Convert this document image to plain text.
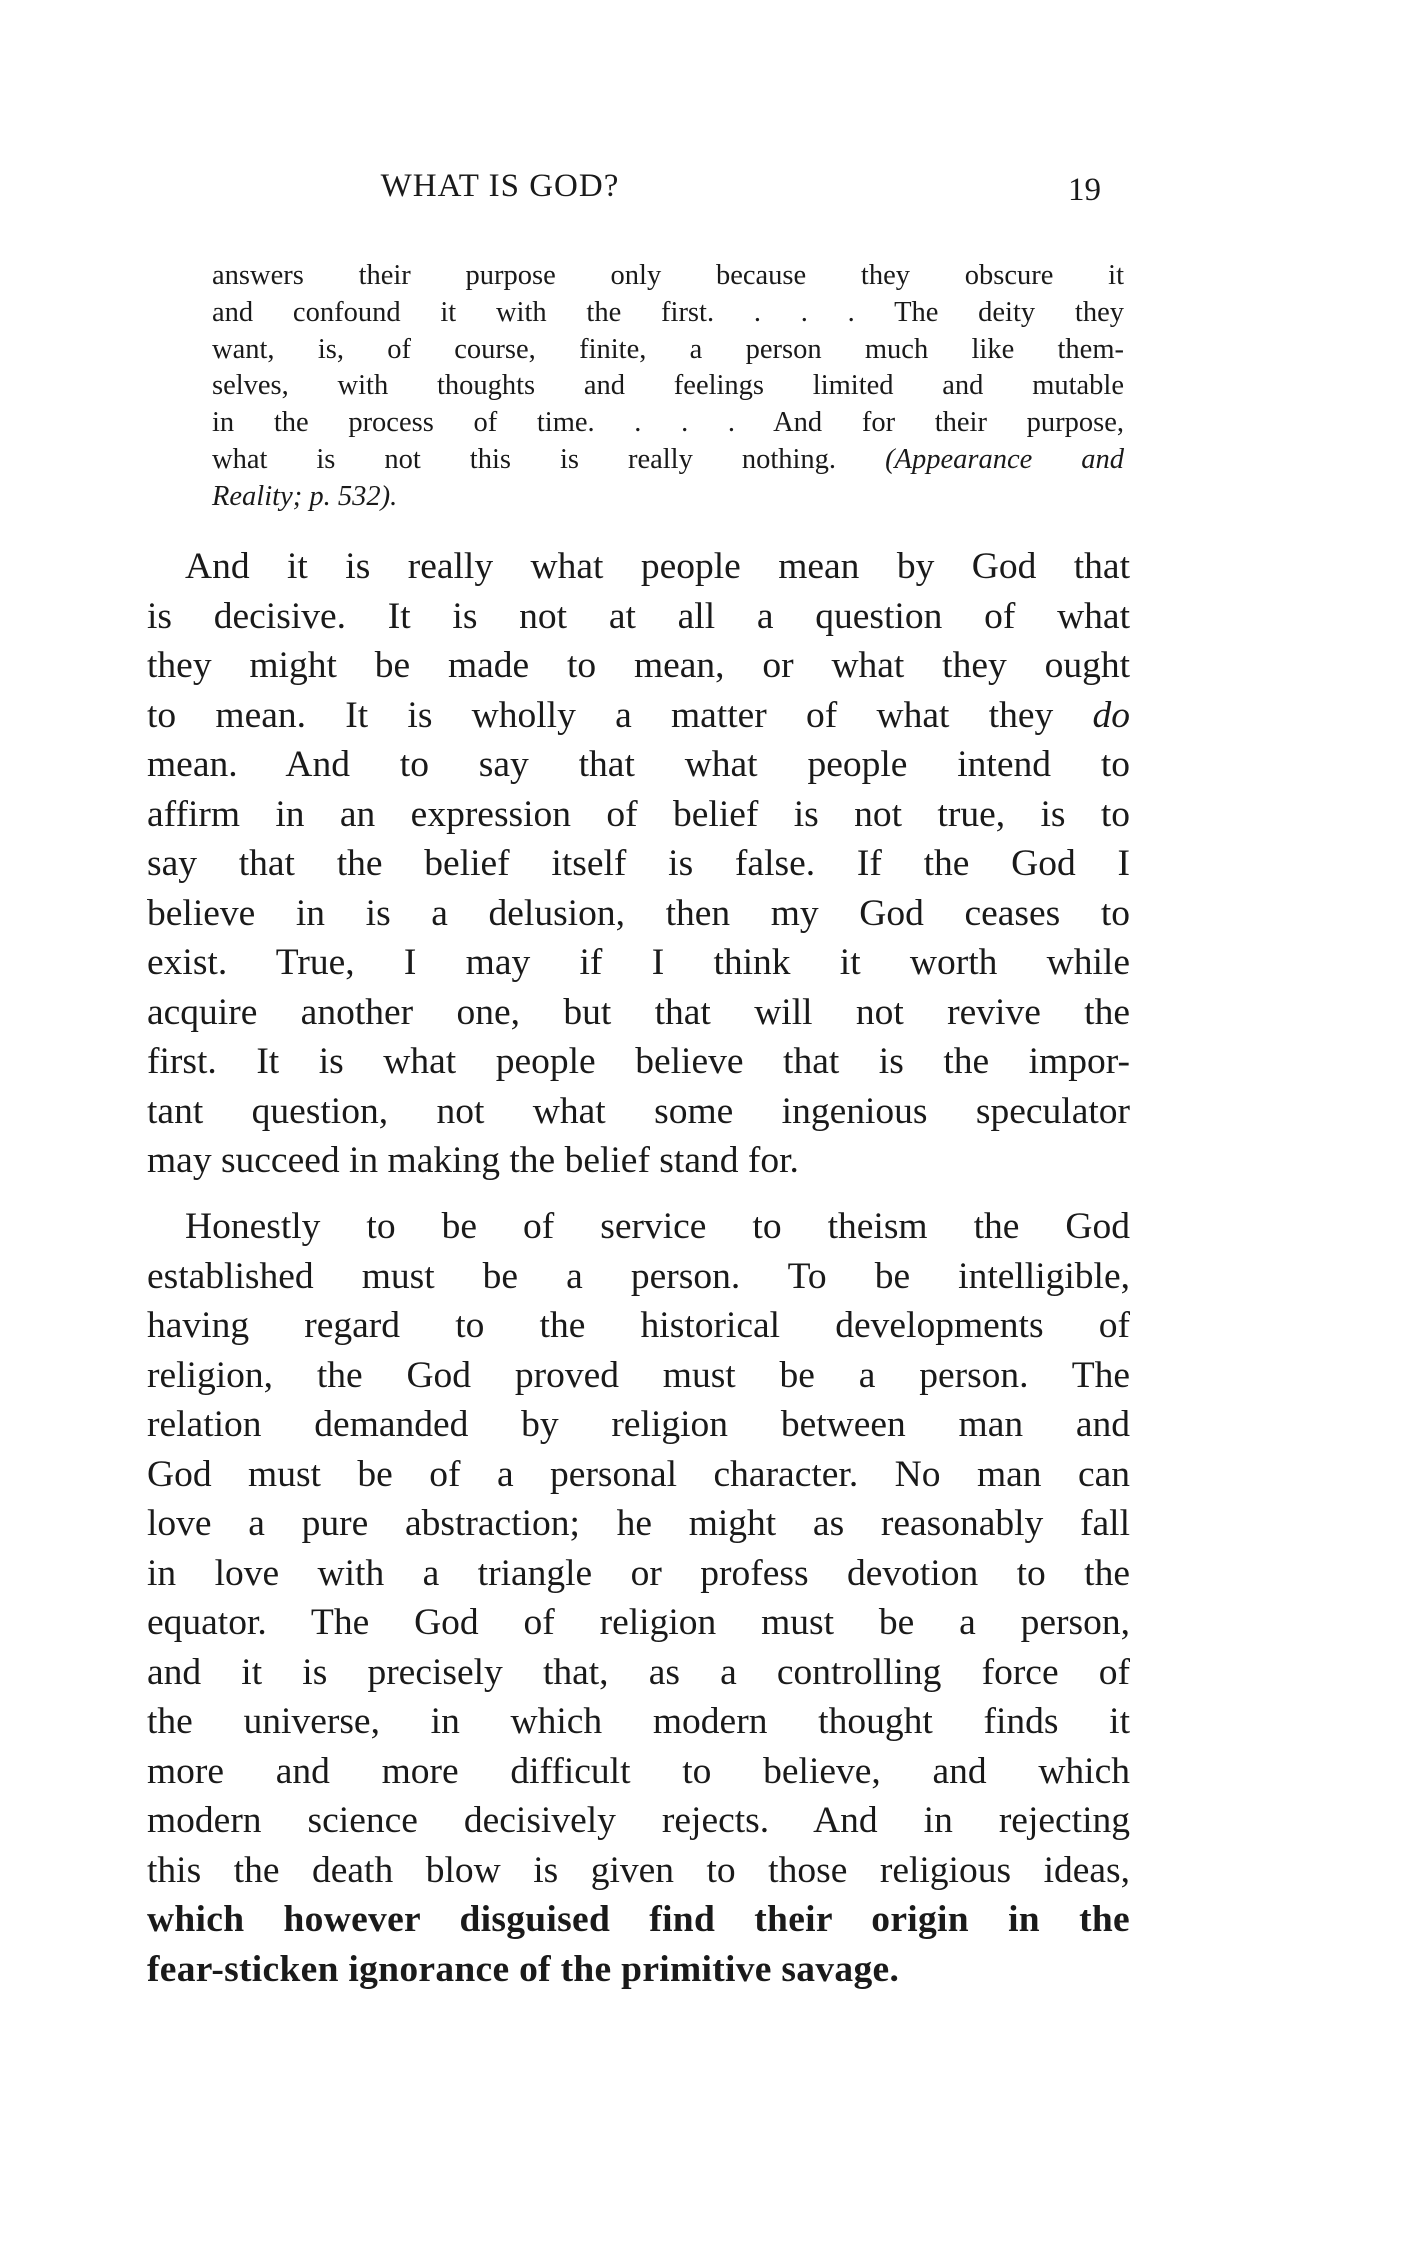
WHAT IS GOD?	19
answers their purpose only because they obscure it
and confound it with the first. . . . The deity they
want, is, of course, finite, a person much like them-
selves, with thoughts and feelings limited and mutable
in the process of time. . . . And for their purpose,
what is not this is really nothing. (Appearance and
Reality; p. 532).
And it is really what people mean by God that
is decisive. It is not at all a question of what
they might be made to mean, or what they ought
to mean. It is wholly a matter of what they do
mean. And to say that what people intend to
affirm in an expression of belief is not true, is to
say that the belief itself is false. If the God I
believe in is a delusion, then my God ceases to
exist. True, I may if I think it worth while
acquire another one, but that will not revive the
first. It is what people believe that is the impor-
tant question, not what some ingenious speculator
may succeed in making the belief stand for.
Honestly to be of service to theism the God
established must be a person. To be intelligible,
having regard to the historical developments of
religion, the God proved must be a person. The
relation demanded by religion between man and
God must be of a personal character. No man can
love a pure abstraction; he might as reasonably fall
in love with a triangle or profess devotion to the
equator. The God of religion must be a person,
and it is precisely that, as a controlling force of
the universe, in which modern thought finds it
more and more difficult to believe, and which
modern science decisively rejects. And in rejecting
this the death blow is given to those religious ideas,
which however disguised find their origin in the
fear-sticken ignorance of the primitive savage.
